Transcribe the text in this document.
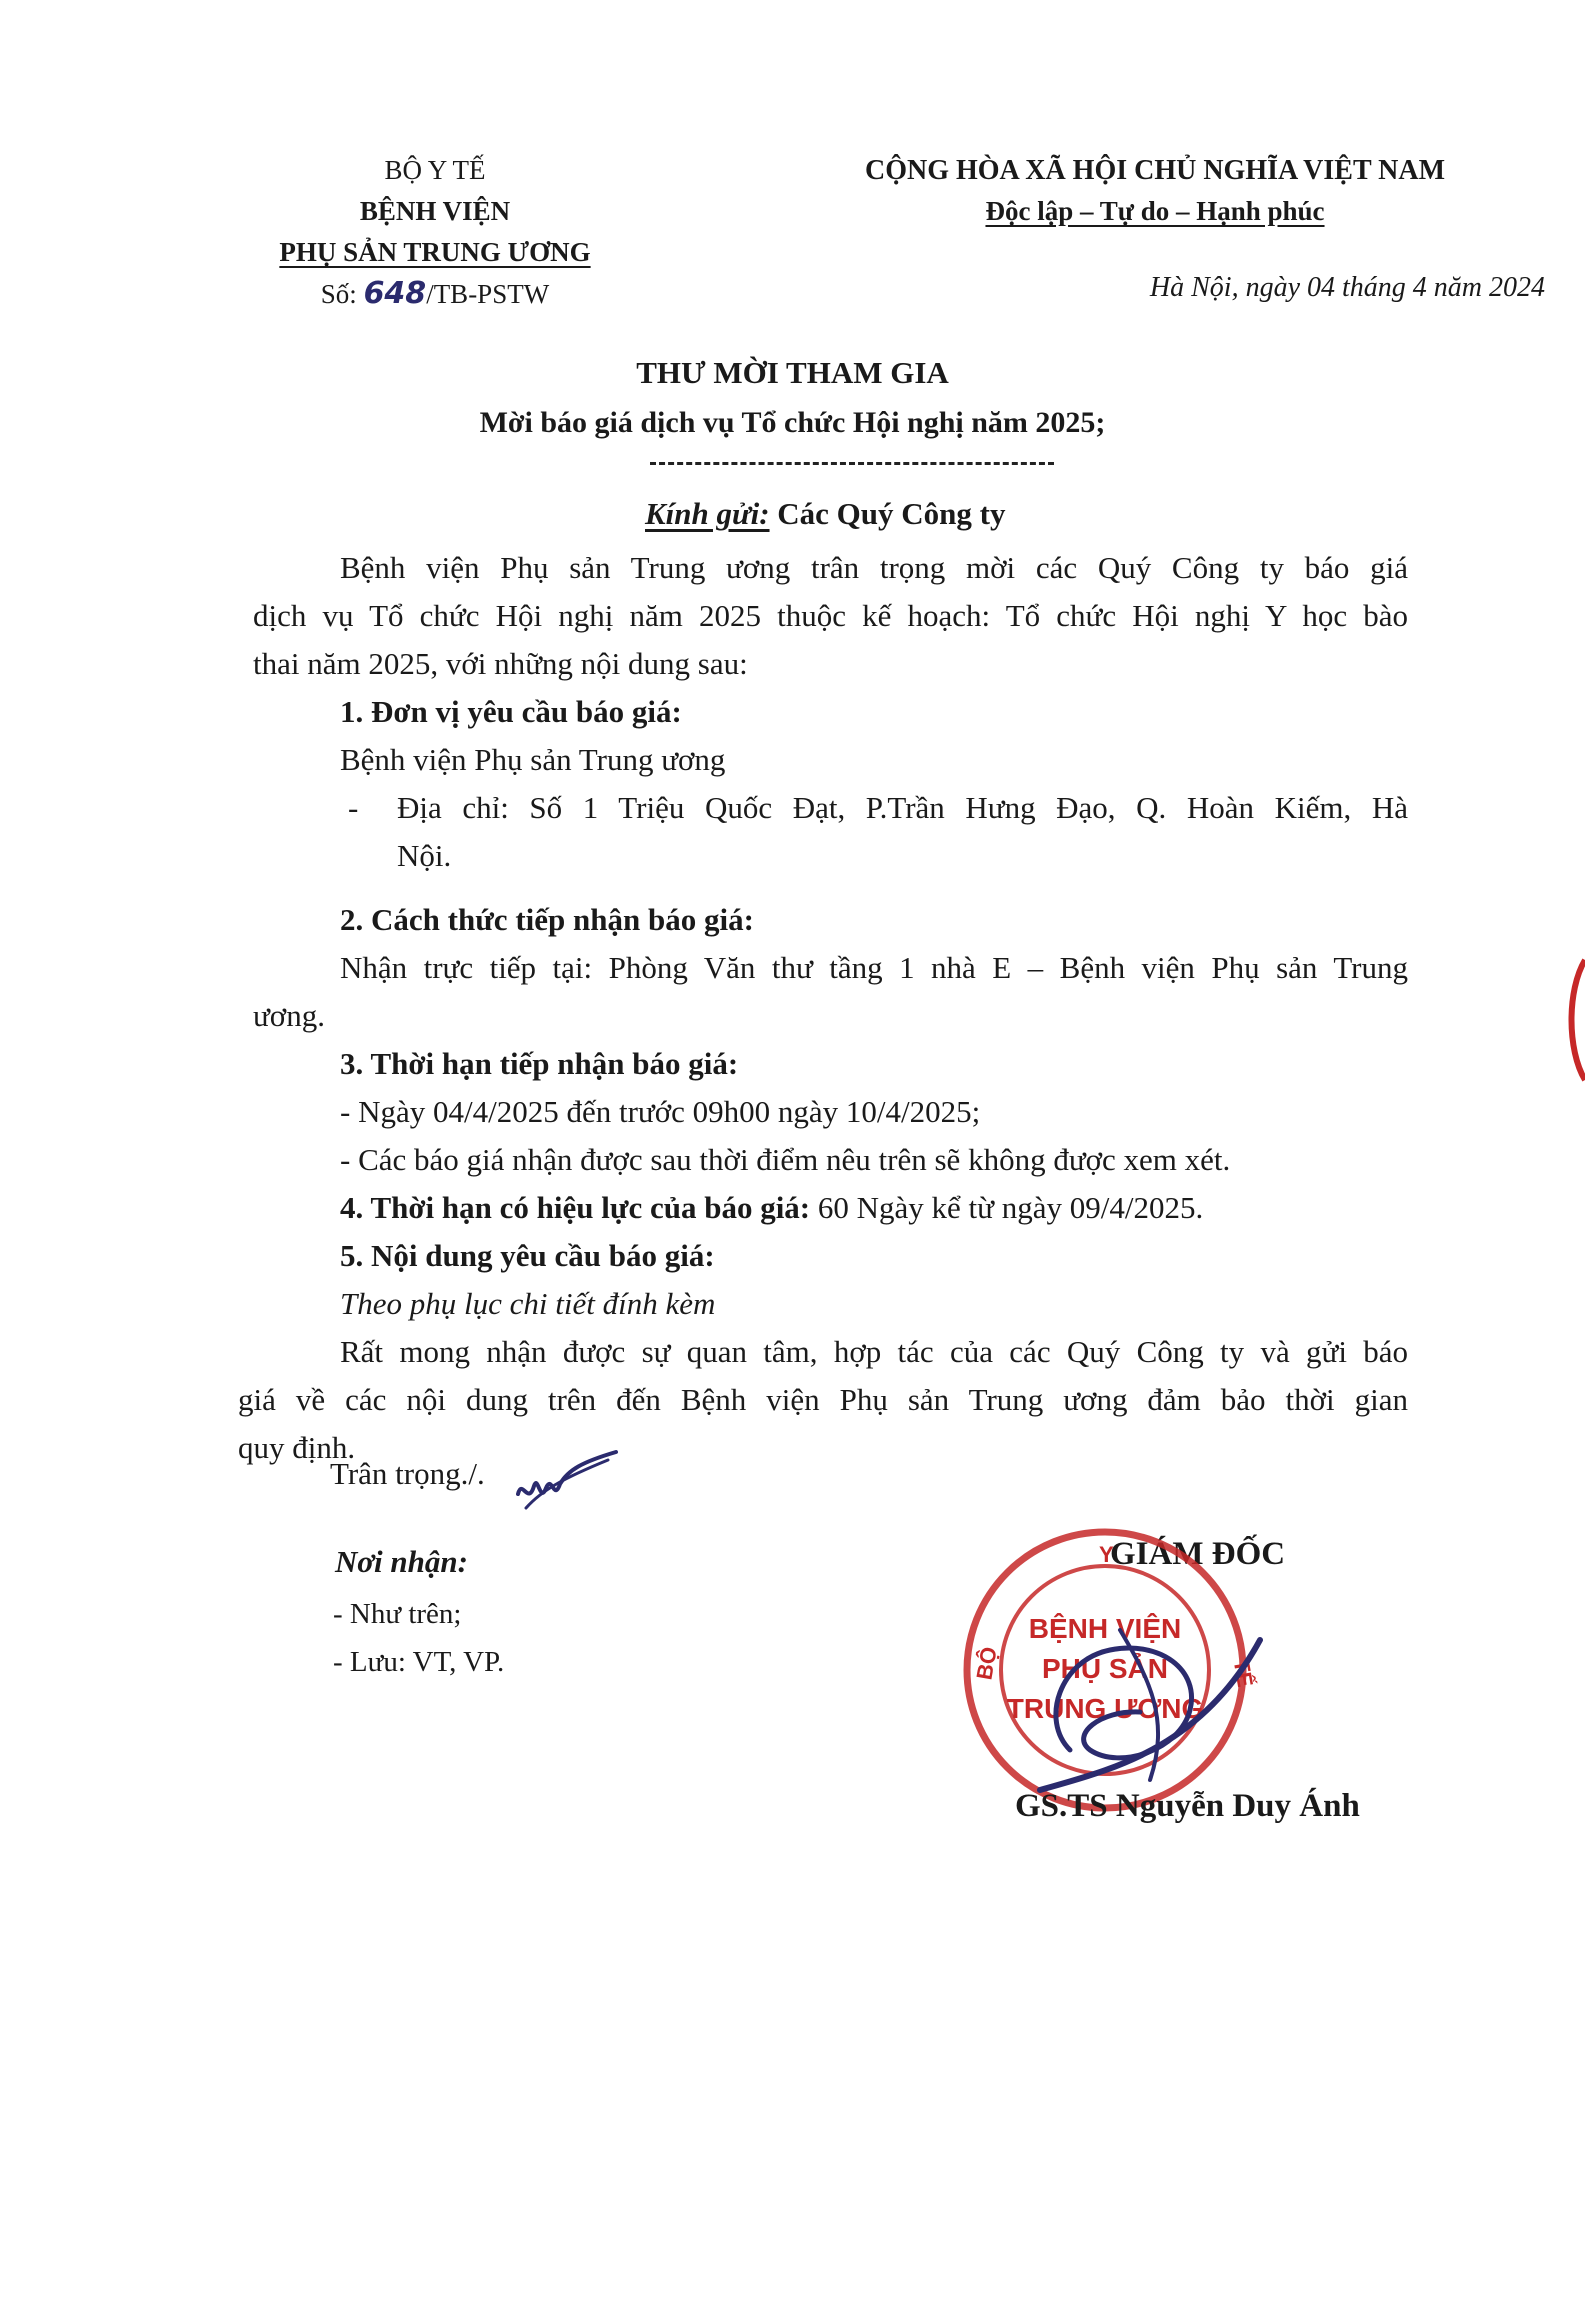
BỘ Y TẾ
BỆNH VIỆN
PHỤ SẢN TRUNG ƯƠNG
Số: 648/TB-PSTW
CỘNG HÒA XÃ HỘI CHỦ NGHĨA VIỆT NAM
Độc lập – Tự do – Hạnh phúc
Hà Nội, ngày 04 tháng 4 năm 2024
THƯ MỜI THAM GIA
Mời báo giá dịch vụ Tổ chức Hội nghị năm 2025;
Kính gửi: Các Quý Công ty
Bệnh viện Phụ sản Trung ương trân trọng mời các Quý Công ty báo giá
dịch vụ Tổ chức Hội nghị năm 2025 thuộc kế hoạch: Tổ chức Hội nghị Y học bào
thai năm 2025, với những nội dung sau:
1. Đơn vị yêu cầu báo giá:
Bệnh viện Phụ sản Trung ương
- Địa chỉ: Số 1 Triệu Quốc Đạt, P.Trần Hưng Đạo, Q. Hoàn Kiếm, Hà
Nội.
2. Cách thức tiếp nhận báo giá:
Nhận trực tiếp tại: Phòng Văn thư tầng 1 nhà E – Bệnh viện Phụ sản Trung
ương.
3. Thời hạn tiếp nhận báo giá:
- Ngày 04/4/2025 đến trước 09h00 ngày 10/4/2025;
- Các báo giá nhận được sau thời điểm nêu trên sẽ không được xem xét.
4. Thời hạn có hiệu lực của báo giá: 60 Ngày kể từ ngày 09/4/2025.
5. Nội dung yêu cầu báo giá:
Theo phụ lục chi tiết đính kèm
Rất mong nhận được sự quan tâm, hợp tác của các Quý Công ty và gửi báo
giá về các nội dung trên đến Bệnh viện Phụ sản Trung ương đảm bảo thời gian
quy định.
Trân trọng./.
Nơi nhận:
- Như trên;
- Lưu: VT, VP.
GIÁM ĐỐC
Y
BỘ	TẾ
BỆNH VIỆN
PHỤ SẢN
TRUNG ƯƠNG
GS.TS Nguyễn Duy Ánh
